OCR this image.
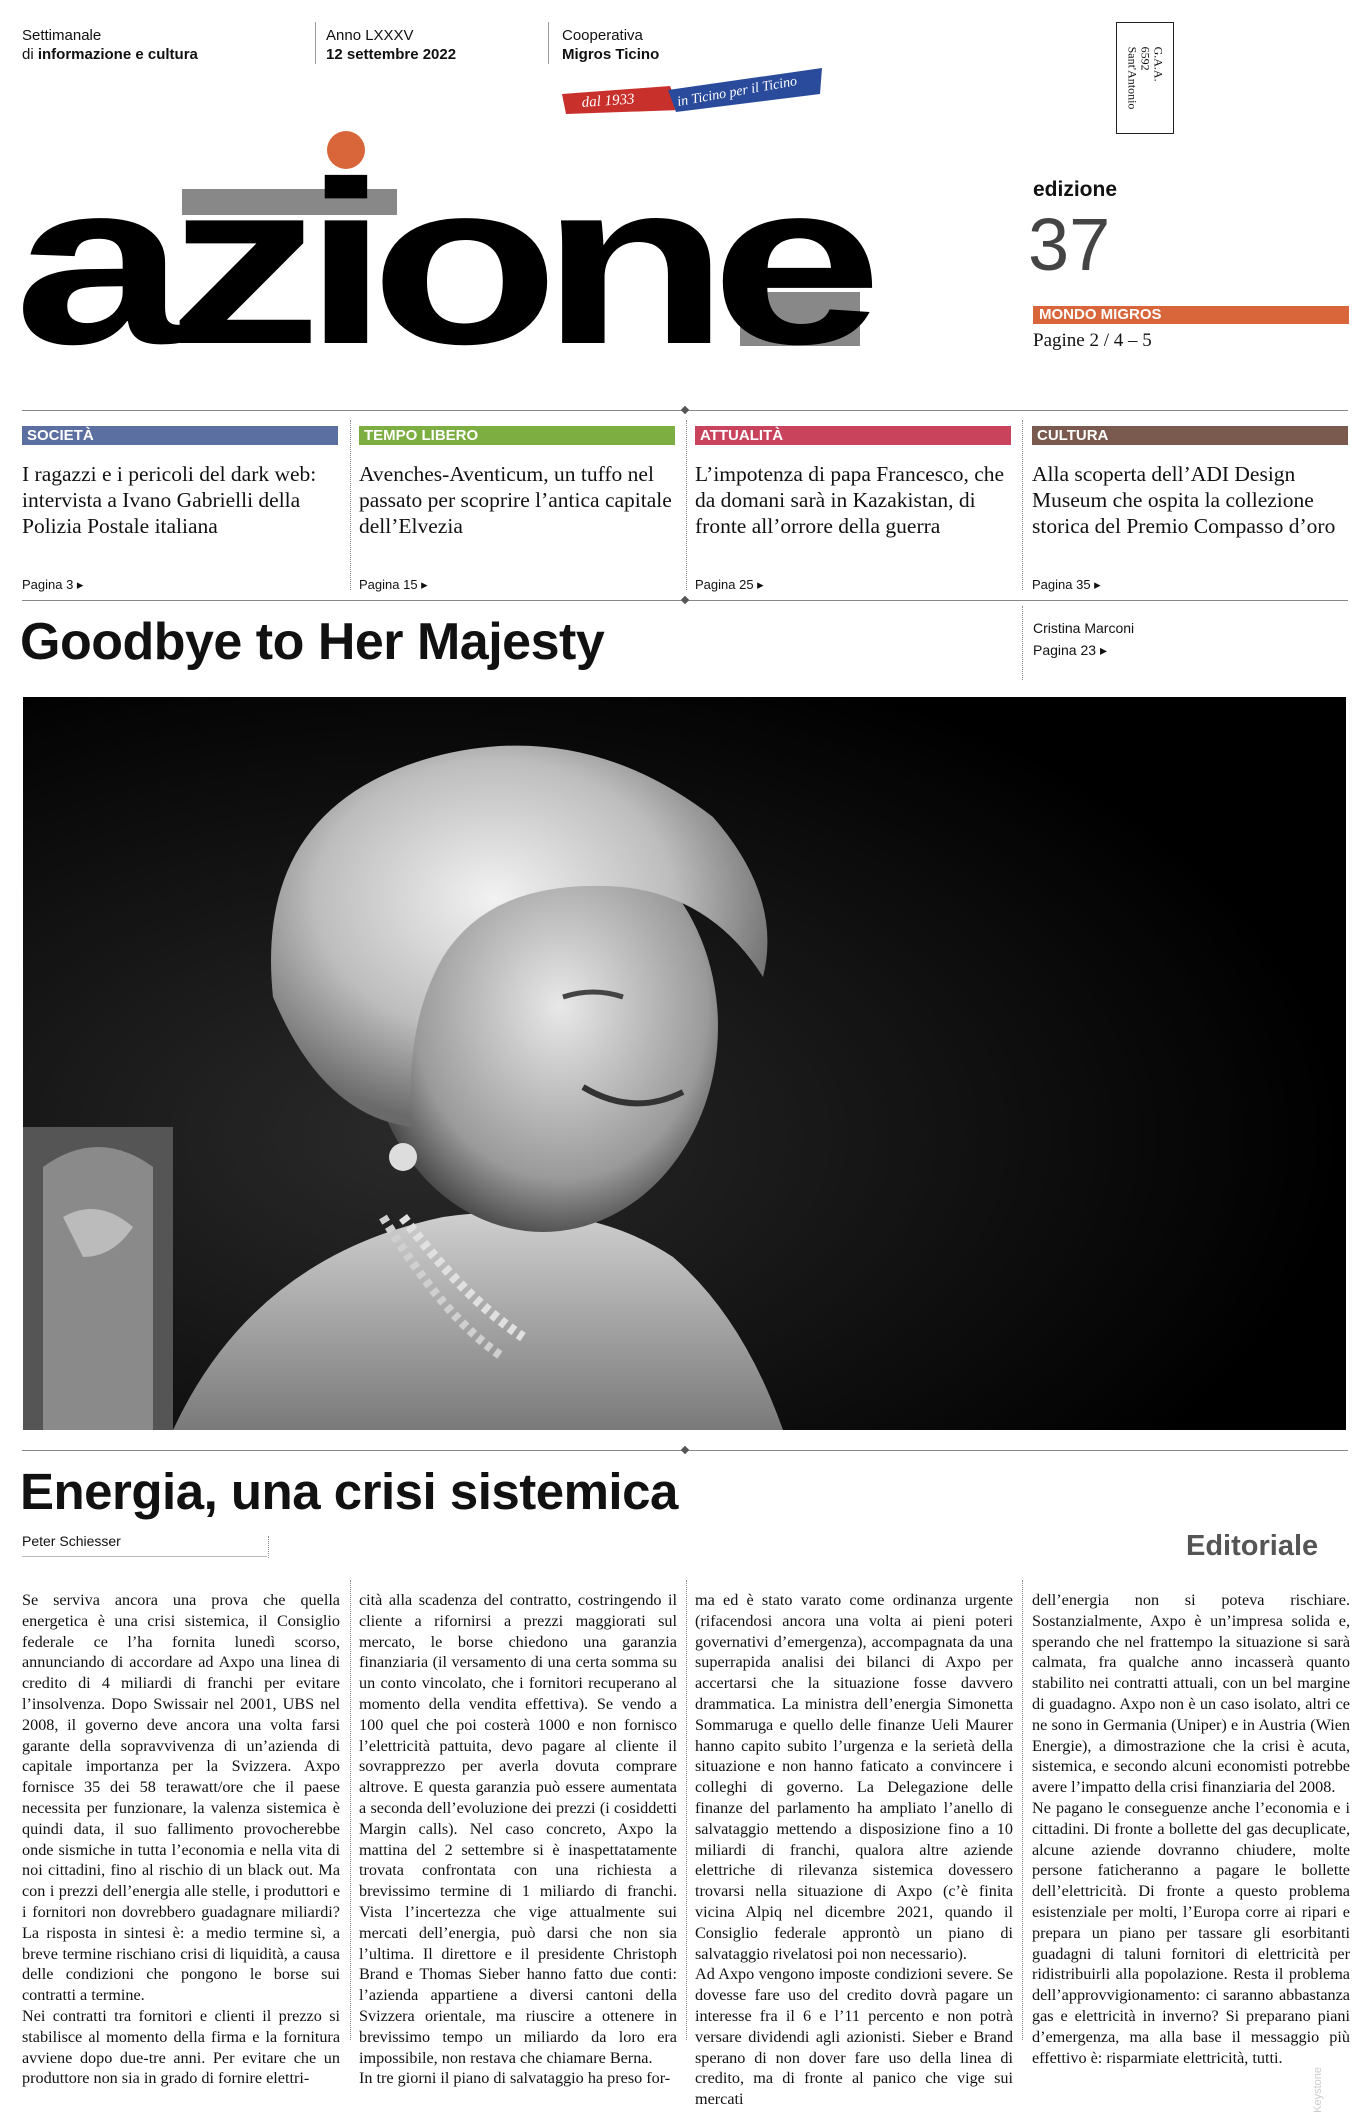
Settimanale
di informazione e cultura
Anno LXXXV
12 settembre 2022
Cooperativa
Migros Ticino
dal 1933	in Ticino per il Ticino
G.A.A.
6592
Sant'Antonio
azione	edizione
37
MONDO MIGROS
Pagine 2 / 4 – 5
SOCIETÀ
I ragazzi e i pericoli del dark web: intervista a Ivano Gabrielli della Polizia Postale italiana
Pagina 3 ▸
TEMPO LIBERO
Avenches-Aventicum, un tuffo nel passato per scoprire l’antica capitale dell’Elvezia
Pagina 15 ▸
ATTUALITÀ
L’impotenza di papa Francesco, che da domani sarà in Kazakistan, di fronte all’orrore della guerra
Pagina 25 ▸
CULTURA
Alla scoperta dell’ADI Design Museum che ospita la collezione storica del Premio Compasso d’oro
Pagina 35 ▸
Goodbye to Her Majesty	Cristina Marconi
Pagina 23 ▸
Keystone
Energia, una crisi sistemica
Peter Schiesser	Editoriale

Se serviva ancora una prova che quella energetica è una crisi sistemica, il Consiglio federale ce l’ha fornita lunedì scorso, annunciando di accordare ad Axpo una linea di credito di 4 miliardi di franchi per evitare l’insolvenza. Dopo Swissair nel 2001, UBS nel 2008, il governo deve ancora una volta farsi garante della sopravvivenza di un’azienda di capitale importanza per la Svizzera. Axpo fornisce 35 dei 58 terawatt/ore che il paese necessita per funzionare, la valenza sistemica è quindi data, il suo fallimento provocherebbe onde sismiche in tutta l’economia e nella vita di noi cittadini, fino al rischio di un black out. Ma con i prezzi dell’energia alle stelle, i produttori e i fornitori non dovrebbero guadagnare miliardi? La risposta in sintesi è: a medio termine sì, a breve termine rischiano crisi di liquidità, a causa delle condizioni che pongono le borse sui contratti a termine.

Nei contratti tra fornitori e clienti il prezzo si stabilisce al momento della firma e la fornitura avviene dopo due-tre anni. Per evitare che un produttore non sia in grado di fornire elettri-

cità alla scadenza del contratto, costringendo il cliente a rifornirsi a prezzi maggiorati sul mercato, le borse chiedono una garanzia finanziaria (il versamento di una certa somma su un conto vincolato, che i fornitori recuperano al momento della vendita effettiva). Se vendo a 100 quel che poi costerà 1000 e non fornisco l’elettricità pattuita, devo pagare al cliente il sovrapprezzo per averla dovuta comprare altrove. E questa garanzia può essere aumentata a seconda dell’evoluzione dei prezzi (i cosiddetti Margin calls). Nel caso concreto, Axpo la mattina del 2 settembre si è inaspettatamente trovata confrontata con una richiesta a brevissimo termine di 1 miliardo di franchi. Vista l’incertezza che vige attualmente sui mercati dell’energia, può darsi che non sia l’ultima. Il direttore e il presidente Christoph Brand e Thomas Sieber hanno fatto due conti: l’azienda appartiene a diversi cantoni della Svizzera orientale, ma riuscire a ottenere in brevissimo tempo un miliardo da loro era impossibile, non restava che chiamare Berna.

In tre giorni il piano di salvataggio ha preso for-

ma ed è stato varato come ordinanza urgente (rifacendosi ancora una volta ai pieni poteri governativi d’emergenza), accompagnata da una superrapida analisi dei bilanci di Axpo per accertarsi che la situazione fosse davvero drammatica. La ministra dell’energia Simonetta Sommaruga e quello delle finanze Ueli Maurer hanno capito subito l’urgenza e la serietà della situazione e non hanno faticato a convincere i colleghi di governo. La Delegazione delle finanze del parlamento ha ampliato l’anello di salvataggio mettendo a disposizione fino a 10 miliardi di franchi, qualora altre aziende elettriche di rilevanza sistemica dovessero trovarsi nella situazione di Axpo (c’è finita vicina Alpiq nel dicembre 2021, quando il Consiglio federale approntò un piano di salvataggio rivelatosi poi non necessario).

Ad Axpo vengono imposte condizioni severe. Se dovesse fare uso del credito dovrà pagare un interesse fra il 6 e l’11 percento e non potrà versare dividendi agli azionisti. Sieber e Brand sperano di non dover fare uso della linea di credito, ma di fronte al panico che vige sui mercati

dell’energia non si poteva rischiare. Sostanzialmente, Axpo è un’impresa solida e, sperando che nel frattempo la situazione si sarà calmata, fra qualche anno incasserà quanto stabilito nei contratti attuali, con un bel margine di guadagno. Axpo non è un caso isolato, altri ce ne sono in Germania (Uniper) e in Austria (Wien Energie), a dimostrazione che la crisi è acuta, sistemica, e secondo alcuni economisti potrebbe avere l’impatto della crisi finanziaria del 2008.

Ne pagano le conseguenze anche l’economia e i cittadini. Di fronte a bollette del gas decuplicate, alcune aziende dovranno chiudere, molte persone faticheranno a pagare le bollette dell’elettricità. Di fronte a questo problema esistenziale per molti, l’Europa corre ai ripari e prepara un piano per tassare gli esorbitanti guadagni di taluni fornitori di elettricità per ridistribuirli alla popolazione. Resta il problema dell’approvvigionamento: ci saranno abbastanza gas e elettricità in inverno? Si preparano piani d’emergenza, ma alla base il messaggio più effettivo è: risparmiate elettricità, tutti.
